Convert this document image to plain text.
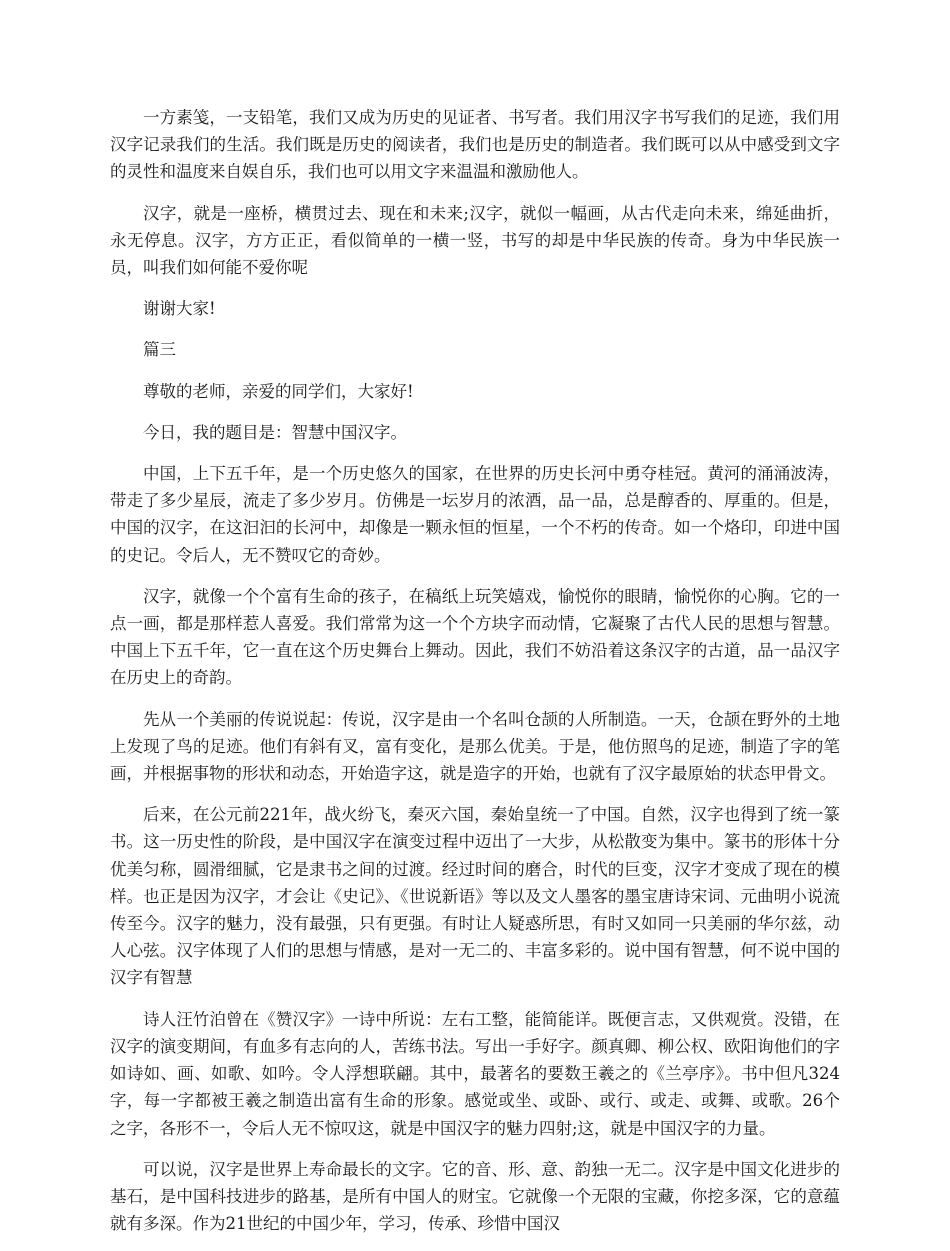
一方素笺，一支铅笔，我们又成为历史的见证者、书写者。我们用汉字书写我们的足迹，我们用汉字记录我们的生活。我们既是历史的阅读者，我们也是历史的制造者。我们既可以从中感受到文字的灵性和温度来自娱自乐，我们也可以用文字来温温和激励他人。

汉字，就是一座桥，横贯过去、现在和未来;汉字，就似一幅画，从古代走向未来，绵延曲折，永无停息。汉字，方方正正，看似简单的一横一竖，书写的却是中华民族的传奇。身为中华民族一员，叫我们如何能不爱你呢

谢谢大家!

篇三

尊敬的老师，亲爱的同学们，大家好!

今日，我的题目是：智慧中国汉字。

中国，上下五千年，是一个历史悠久的国家，在世界的历史长河中勇夺桂冠。黄河的涌涌波涛，带走了多少星辰，流走了多少岁月。仿佛是一坛岁月的浓酒，品一品，总是醇香的、厚重的。但是，中国的汉字，在这汩汩的长河中，却像是一颗永恒的恒星，一个不朽的传奇。如一个烙印，印进中国的史记。令后人，无不赞叹它的奇妙。

汉字，就像一个个富有生命的孩子，在稿纸上玩笑嬉戏，愉悦你的眼睛，愉悦你的心胸。它的一点一画，都是那样惹人喜爱。我们常常为这一个个方块字而动情，它凝聚了古代人民的思想与智慧。中国上下五千年，它一直在这个历史舞台上舞动。因此，我们不妨沿着这条汉字的古道，品一品汉字在历史上的奇韵。

先从一个美丽的传说说起：传说，汉字是由一个名叫仓颉的人所制造。一天，仓颉在野外的土地上发现了鸟的足迹。他们有斜有叉，富有变化，是那么优美。于是，他仿照鸟的足迹，制造了字的笔画，并根据事物的形状和动态，开始造字这，就是造字的开始，也就有了汉字最原始的状态甲骨文。

后来，在公元前221年，战火纷飞，秦灭六国，秦始皇统一了中国。自然，汉字也得到了统一篆书。这一历史性的阶段，是中国汉字在演变过程中迈出了一大步，从松散变为集中。篆书的形体十分优美匀称，圆滑细腻，它是隶书之间的过渡。经过时间的磨合，时代的巨变，汉字才变成了现在的模样。也正是因为汉字，才会让《史记》、《世说新语》等以及文人墨客的墨宝唐诗宋词、元曲明小说流传至今。汉字的魅力，没有最强，只有更强。有时让人疑惑所思，有时又如同一只美丽的华尔兹，动人心弦。汉字体现了人们的思想与情感，是对一无二的、丰富多彩的。说中国有智慧，何不说中国的汉字有智慧

诗人汪竹泊曾在《赞汉字》一诗中所说：左右工整，能简能详。既便言志，又供观赏。没错，在汉字的演变期间，有血多有志向的人，苦练书法。写出一手好字。颜真卿、柳公权、欧阳询他们的字如诗如、画、如歌、如吟。令人浮想联翩。其中，最著名的要数王羲之的《兰亭序》。书中但凡324字，每一字都被王羲之制造出富有生命的形象。感觉或坐、或卧、或行、或走、或舞、或歌。26个之字，各形不一，令后人无不惊叹这，就是中国汉字的魅力四射;这，就是中国汉字的力量。

可以说，汉字是世界上寿命最长的文字。它的音、形、意、韵独一无二。汉字是中国文化进步的基石，是中国科技进步的路基，是所有中国人的财宝。它就像一个无限的宝藏，你挖多深，它的意蕴就有多深。作为21世纪的中国少年，学习，传承、珍惜中国汉
